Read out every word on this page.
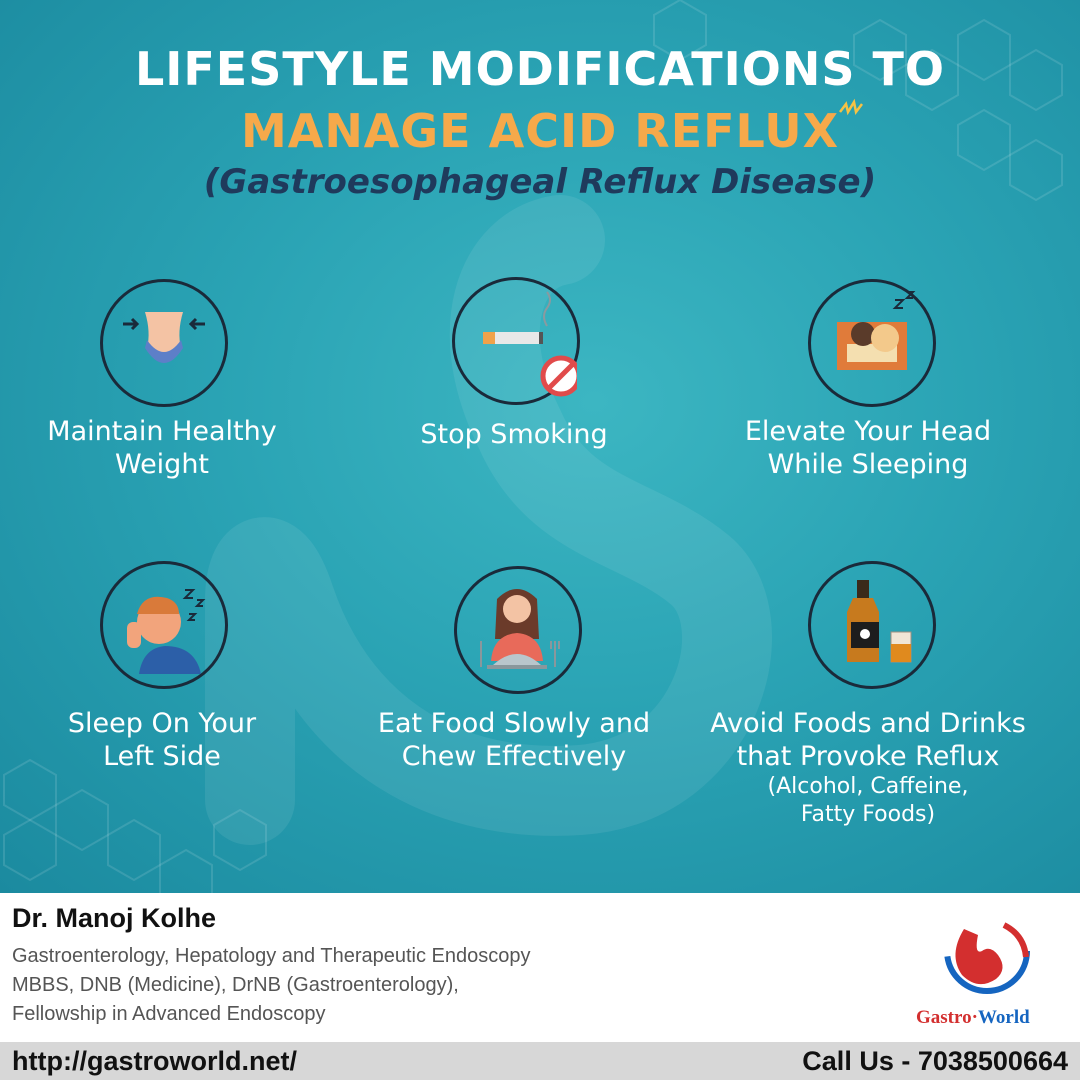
LIFESTYLE MODIFICATIONS TO
MANAGE ACID REFLUX
(Gastroesophageal Reflux Disease)
Maintain Healthy
Weight
Stop Smoking	Elevate Your Head
While Sleeping
Sleep On Your
Left Side
Eat Food Slowly and
Chew Effectively
Avoid Foods and Drinks
that Provoke Reflux

(Alcohol, Caffeine,
Fatty Foods)
Dr. Manoj Kolhe
Gastroenterology, Hepatology and Therapeutic Endoscopy
MBBS, DNB (Medicine), DrNB (Gastroenterology),
Fellowship in Advanced Endoscopy	Gastro·World
http://gastroworld.net/	Call Us - 7038500664
